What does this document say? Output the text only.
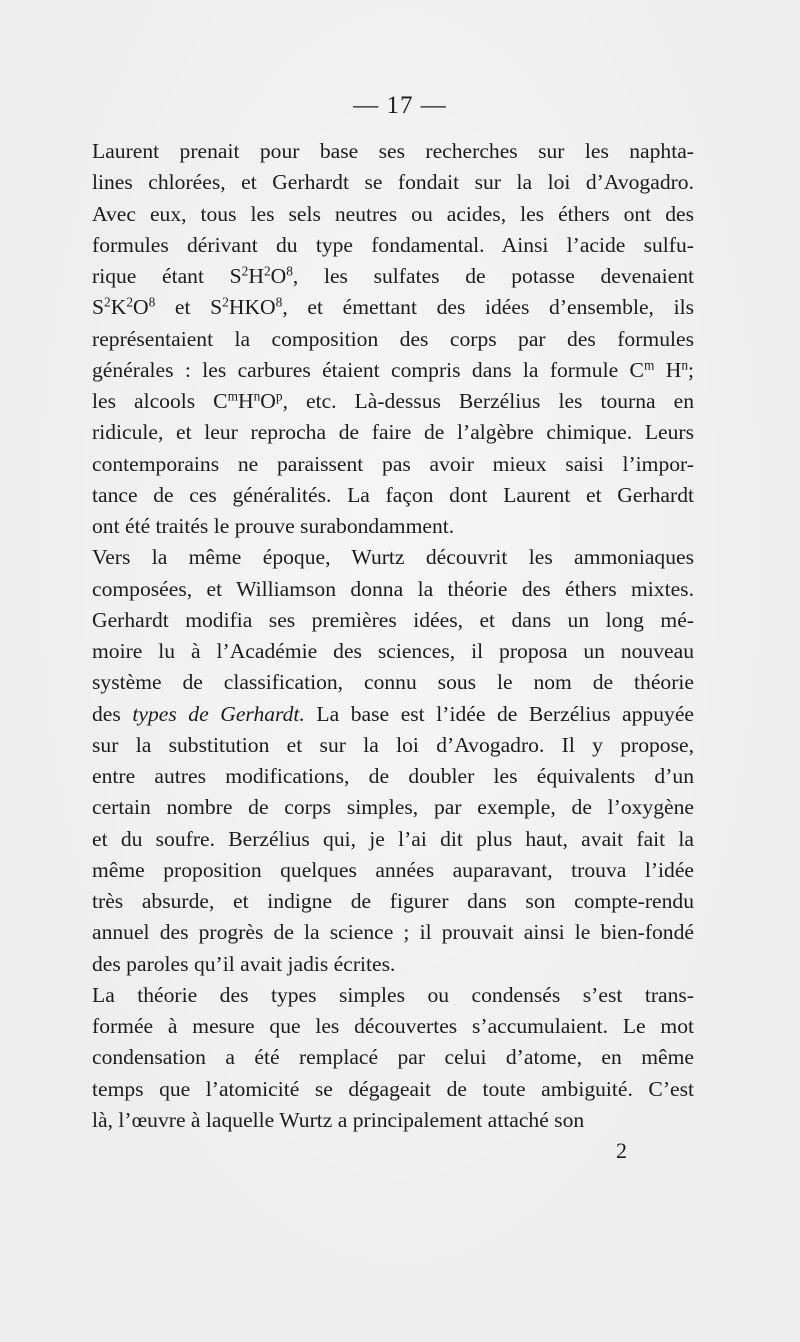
— 17 —

Laurent prenait pour base ses recherches sur les naphta-
lines chlorées, et Gerhardt se fondait sur la loi d’Avogadro.
Avec eux, tous les sels neutres ou acides, les éthers ont des
formules dérivant du type fondamental. Ainsi l’acide sulfu-
rique étant $S^2H^2O^8$, les sulfates de potasse devenaient
$S^2K^2O^8$ et $S^2HKO^8$, et émettant des idées d’ensemble, ils
représentaient la composition des corps par des formules
générales : les carbures étaient compris dans la formule $C^m$ $H^n$;
les alcools $C^mH^nO^p$, etc. Là-dessus Berzélius les tourna en
ridicule, et leur reprocha de faire de l’algèbre chimique. Leurs
contemporains ne paraissent pas avoir mieux saisi l’impor-
tance de ces généralités. La façon dont Laurent et Gerhardt
ont été traités le prouve surabondamment.

Vers la même époque, Wurtz découvrit les ammoniaques
composées, et Williamson donna la théorie des éthers mixtes.
Gerhardt modifia ses premières idées, et dans un long mé-
moire lu à l’Académie des sciences, il proposa un nouveau
système de classification, connu sous le nom de théorie
des types de Gerhardt. La base est l’idée de Berzélius appuyée
sur la substitution et sur la loi d’Avogadro. Il y propose,
entre autres modifications, de doubler les équivalents d’un
certain nombre de corps simples, par exemple, de l’oxygène
et du soufre. Berzélius qui, je l’ai dit plus haut, avait fait la
même proposition quelques années auparavant, trouva l’idée
très absurde, et indigne de figurer dans son compte-rendu
annuel des progrès de la science ; il prouvait ainsi le bien-fondé
des paroles qu’il avait jadis écrites.

La théorie des types simples ou condensés s’est trans-
formée à mesure que les découvertes s’accumulaient. Le mot
condensation a été remplacé par celui d’atome, en même
temps que l’atomicité se dégageait de toute ambiguité. C’est
là, l’œuvre à laquelle Wurtz a principalement attaché son

2
